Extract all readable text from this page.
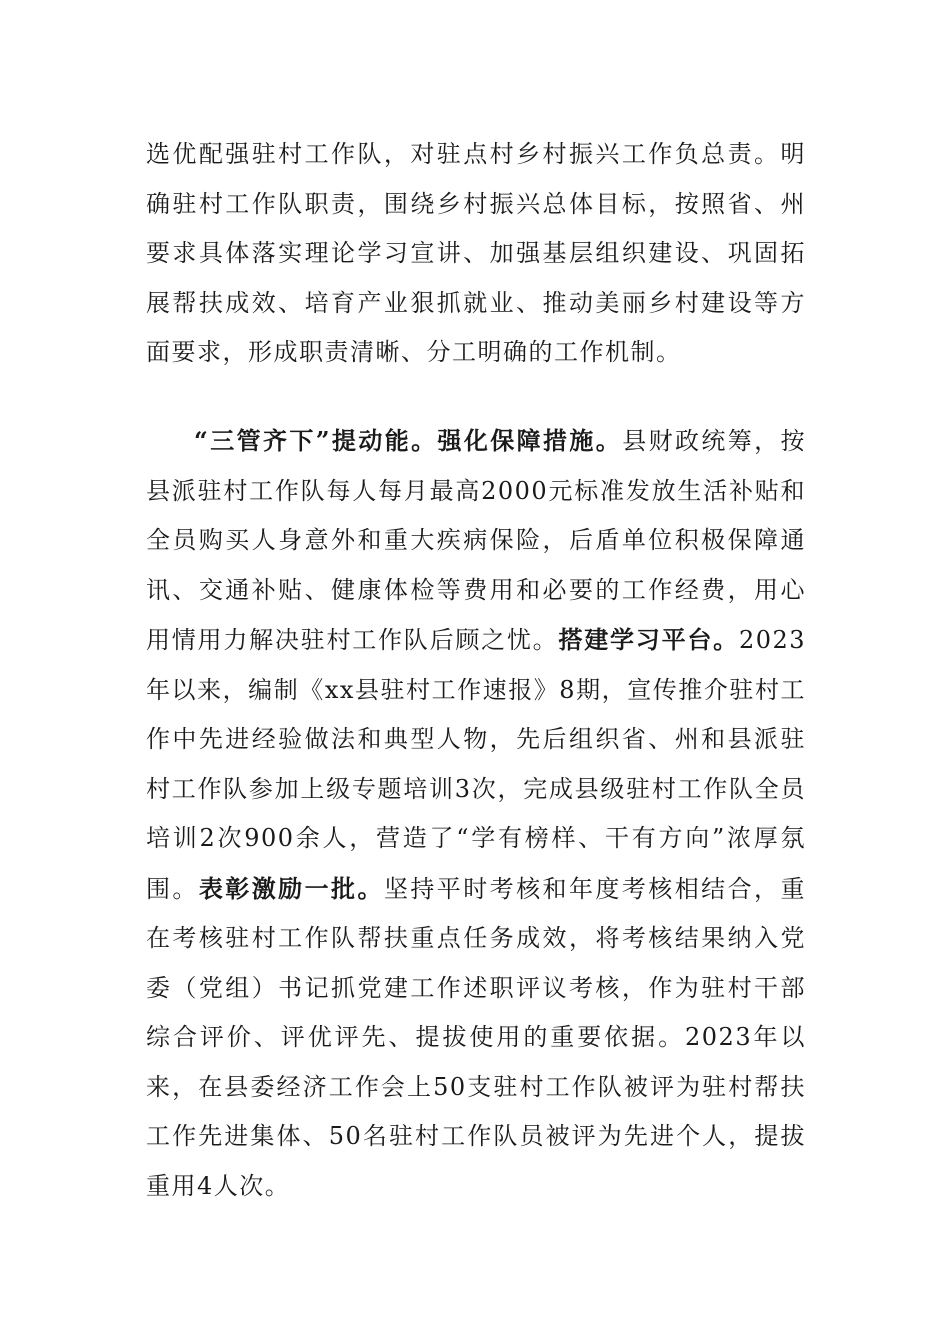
选优配强驻村工作队，对驻点村乡村振兴工作负总责。明确驻村工作队职责，围绕乡村振兴总体目标，按照省、州要求具体落实理论学习宣讲、加强基层组织建设、巩固拓展帮扶成效、培育产业狠抓就业、推动美丽乡村建设等方面要求，形成职责清晰、分工明确的工作机制。

“三管齐下”提动能。强化保障措施。县财政统筹，按县派驻村工作队每人每月最高2000元标准发放生活补贴和全员购买人身意外和重大疾病保险，后盾单位积极保障通讯、交通补贴、健康体检等费用和必要的工作经费，用心用情用力解决驻村工作队后顾之忧。搭建学习平台。2023年以来，编制《xx县驻村工作速报》8期，宣传推介驻村工作中先进经验做法和典型人物，先后组织省、州和县派驻村工作队参加上级专题培训3次，完成县级驻村工作队全员培训2次900余人，营造了“学有榜样、干有方向”浓厚氛围。表彰激励一批。坚持平时考核和年度考核相结合，重在考核驻村工作队帮扶重点任务成效，将考核结果纳入党委（党组）书记抓党建工作述职评议考核，作为驻村干部综合评价、评优评先、提拔使用的重要依据。2023年以来，在县委经济工作会上50支驻村工作队被评为驻村帮扶工作先进集体、50名驻村工作队员被评为先进个人，提拔重用4人次。
